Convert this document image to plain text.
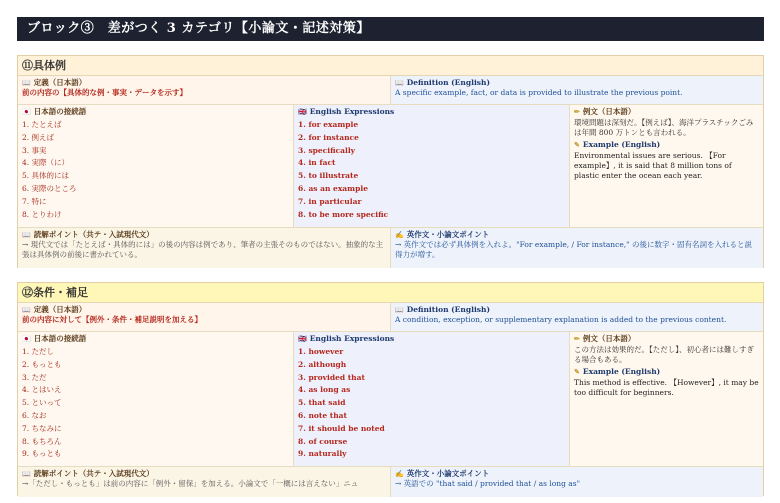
ブロック③　差がつく 3 カテゴリ【小論文・記述対策】
⑪具体例
📖 定義（日本語）
前の内容の【具体的な例・事実・データを示す】
📖 Definition (English)
A specific example, fact, or data is provided to illustrate the previous point.
🇯🇵 日本語の接続語
1. たとえば
2. 例えば
3. 事実
4. 実際（に）
5. 具体的には
6. 実際のところ
7. 特に
8. とりわけ
🇬🇧 English Expressions
1. for example
2. for instance
3. specifically
4. in fact
5. to illustrate
6. as an example
7. in particular
8. to be more specific
✏ 例文（日本語）
環境問題は深刻だ。【例えば】、海洋プラスチックごみは年間 800 万トンとも言われる。
✎ Example (English)
Environmental issues are serious. 【For example】, it is said that 8 million tons of plastic enter the ocean each year.
📖 読解ポイント（共テ・入試現代文）
→ 現代文では「たとえば・具体的には」の後の内容は例であり、筆者の主張そのものではない。抽象的な主張は具体例の前後に書かれている。
✍ 英作文・小論文ポイント
→ 英作文では必ず具体例を入れよ。"For example, / For instance," の後に数字・固有名詞を入れると説得力が増す。
⑫条件・補足
📖 定義（日本語）
前の内容に対して【例外・条件・補足説明を加える】
📖 Definition (English)
A condition, exception, or supplementary explanation is added to the previous content.
🇯🇵 日本語の接続語
1. ただし
2. もっとも
3. ただ
4. とはいえ
5. といって
6. なお
7. ちなみに
8. もちろん
9. もっとも
🇬🇧 English Expressions
1. however
2. although
3. provided that
4. as long as
5. that said
6. note that
7. it should be noted
8. of course
9. naturally
✏ 例文（日本語）
この方法は効果的だ。【ただし】、初心者には難しすぎる場合もある。
✎ Example (English)
This method is effective. 【However】, it may be too difficult for beginners.
📖 読解ポイント（共テ・入試現代文）
→「ただし・もっとも」は前の内容に「例外・留保」を加える。小論文で「一概には言えない」ニュ
✍ 英作文・小論文ポイント
→ 英語での "that said / provided that / as long as"
